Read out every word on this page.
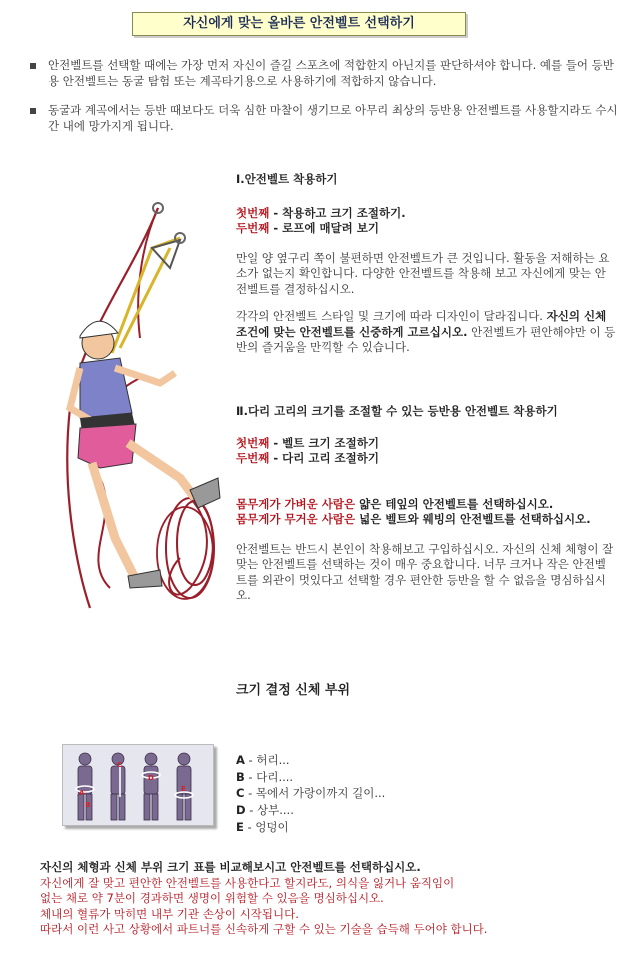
자신에게 맞는 올바른 안전벨트 선택하기
안전벨트를 선택할 때에는 가장 먼저 자신이 즐길 스포츠에 적합한지 아닌지를 판단하셔야 합니다. 예를 들어 등반용 안전벨트는 동굴 탐험 또는 계곡타기용으로 사용하기에 적합하지 않습니다.
동굴과 계곡에서는 등반 때보다도 더욱 심한 마찰이 생기므로 아무리 최상의 등반용 안전벨트를 사용할지라도 수시간 내에 망가지게 됩니다.
Ⅰ.안전벨트 착용하기
첫번째 - 착용하고 크기 조절하기.
두번째 - 로프에 매달려 보기
만일 양 옆구리 쪽이 불편하면 안전벨트가 큰 것입니다. 활동을 저해하는 요소가 없는지 확인합니다. 다양한 안전벨트를 착용해 보고 자신에게 맞는 안전벨트를 결정하십시오.
각각의 안전벨트 스타일 및 크기에 따라 디자인이 달라집니다. 자신의 신체 조건에 맞는 안전벨트를 신중하게 고르십시오. 안전벨트가 편안해야만 이 등반의 즐거움을 만끽할 수 있습니다.
Ⅱ.다리 고리의 크기를 조절할 수 있는 등반용 안전벨트 착용하기
첫번째 - 벨트 크기 조절하기
두번째 - 다리 고리 조절하기
몸무게가 가벼운 사람은 얇은 테잎의 안전벨트를 선택하십시오.
몸무게가 무거운 사람은 넓은 벨트와 웨빙의 안전벨트를 선택하십시오.
안전벨트는 반드시 본인이 착용해보고 구입하십시오. 자신의 신체 체형이 잘 맞는 안전벨트를 선택하는 것이 매우 중요합니다. 너무 크거나 작은 안전벨트를 외관이 멋있다고 선택할 경우 편안한 등반을 할 수 없음을 명심하십시오.
크기 결정 신체 부위
A
B
C
D
E
A - 허리...
B - 다리....
C - 목에서 가랑이까지 길이...
D - 상부....
E - 엉덩이
자신의 체형과 신체 부위 크기 표를 비교해보시고 안전벨트를 선택하십시오.
자신에게 잘 맞고 편안한 안전벨트를 사용한다고 할지라도, 의식을 잃거나 움직임이
없는 채로 약 7분이 경과하면 생명이 위험할 수 있음을 명심하십시오.
체내의 혈류가 막히면 내부 기관 손상이 시작됩니다.
따라서 이런 사고 상황에서 파트너를 신속하게 구할 수 있는 기술을 습득해 두어야 합니다.
